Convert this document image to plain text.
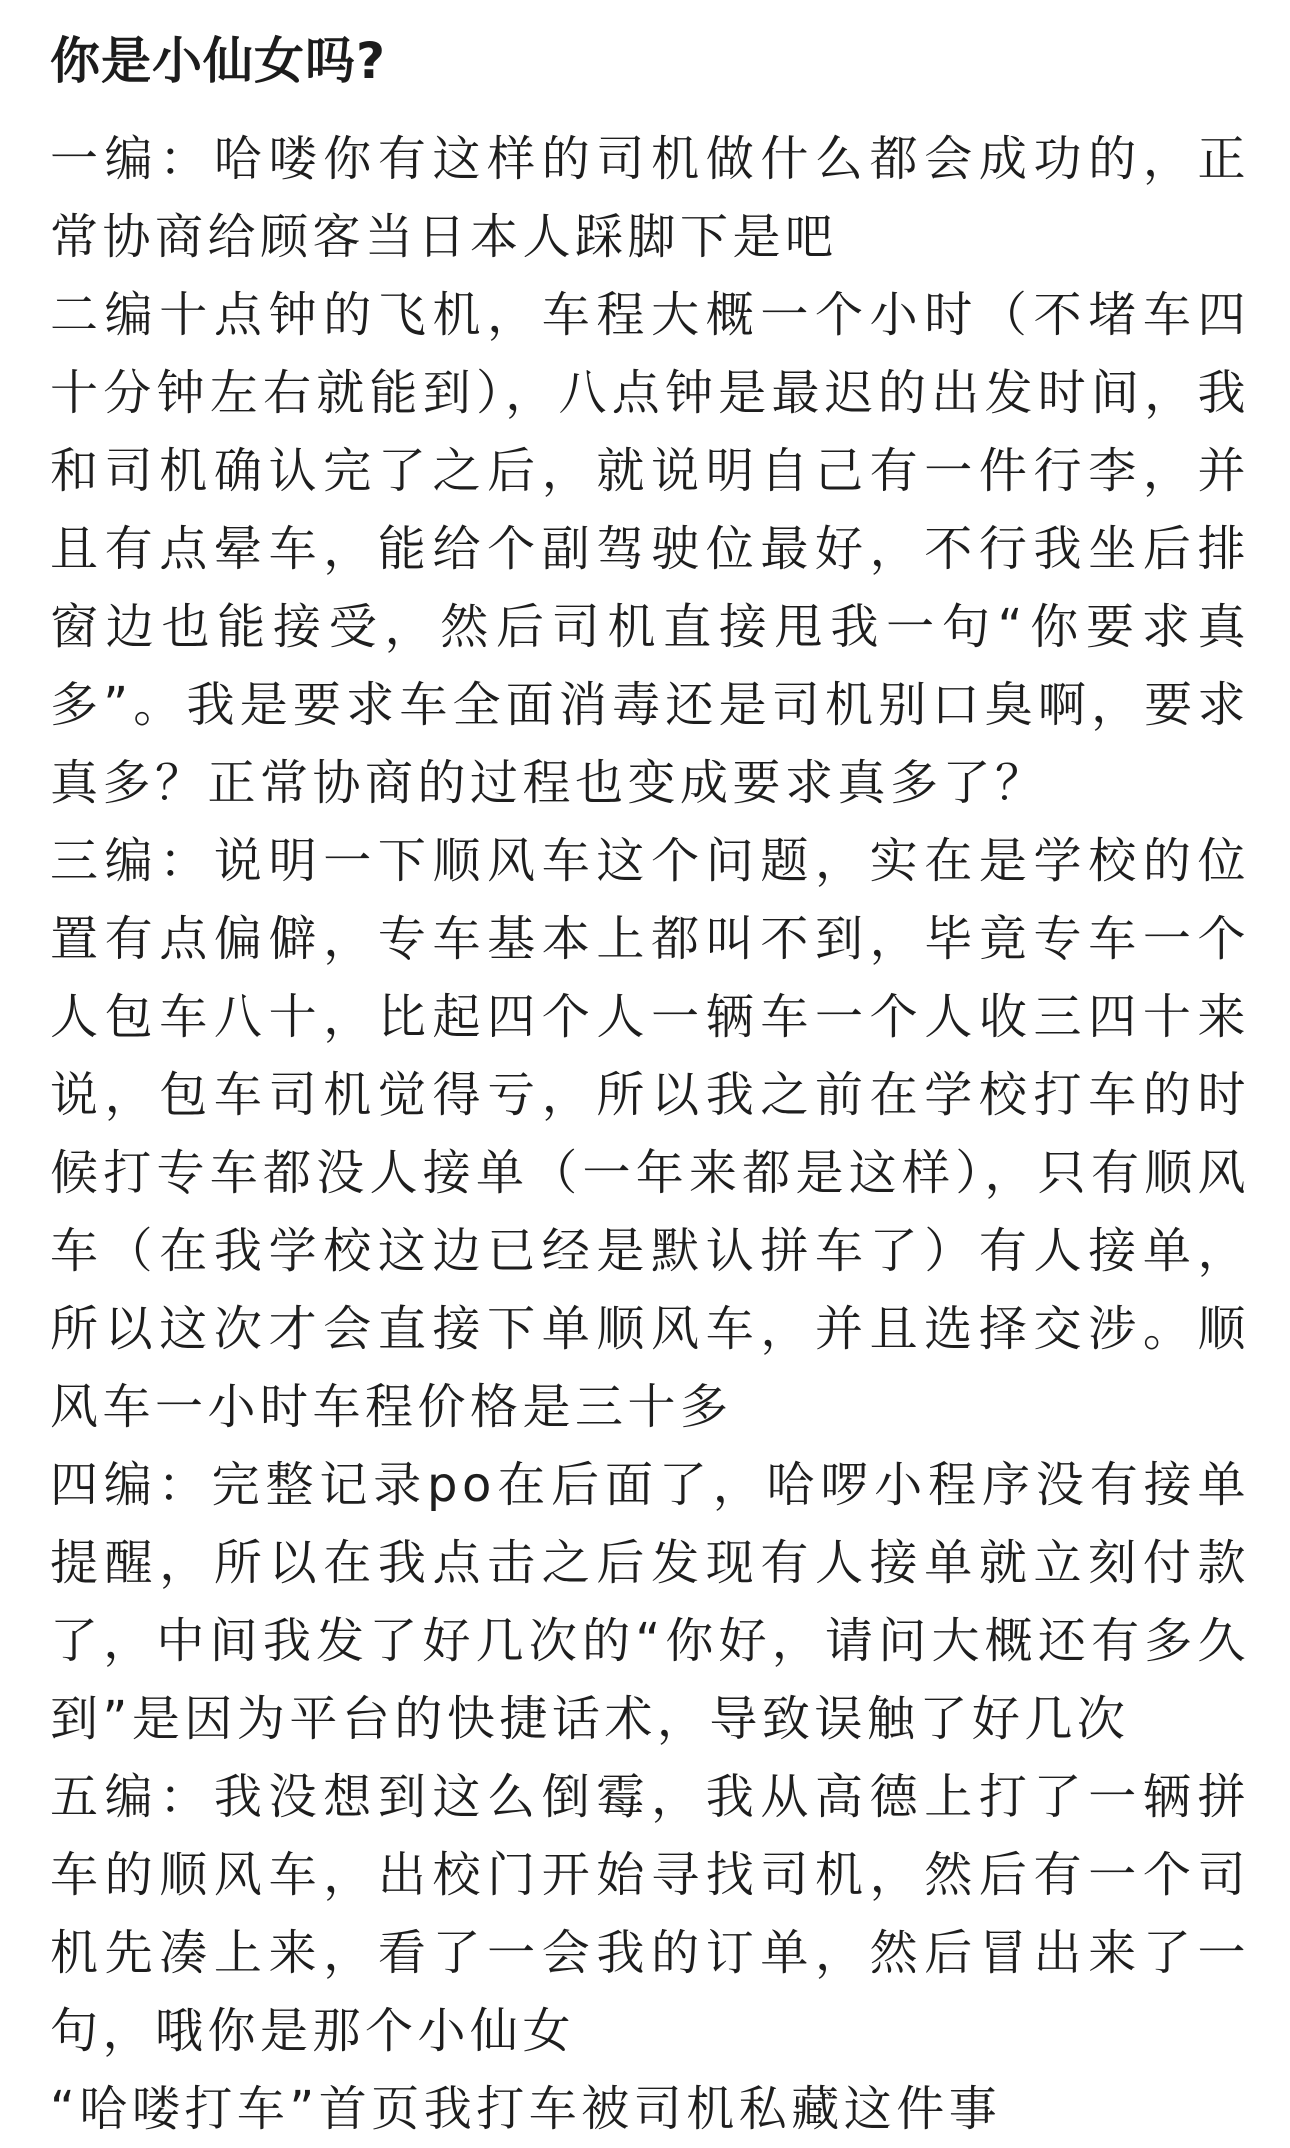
你是小仙女吗?

一编：哈喽你有这样的司机做什么都会成功的，正常协商给顾客当日本人踩脚下是吧

二编十点钟的飞机，车程大概一个小时（不堵车四十分钟左右就能到），八点钟是最迟的出发时间，我和司机确认完了之后，就说明自己有一件行李，并且有点晕车，能给个副驾驶位最好，不行我坐后排窗边也能接受，然后司机直接甩我一句“你要求真多”。我是要求车全面消毒还是司机别口臭啊，要求真多？正常协商的过程也变成要求真多了？

三编：说明一下顺风车这个问题，实在是学校的位置有点偏僻，专车基本上都叫不到，毕竟专车一个人包车八十，比起四个人一辆车一个人收三四十来说，包车司机觉得亏，所以我之前在学校打车的时候打专车都没人接单（一年来都是这样），只有顺风车（在我学校这边已经是默认拼车了）有人接单，所以这次才会直接下单顺风车，并且选择交涉。顺风车一小时车程价格是三十多

四编：完整记录po在后面了，哈啰小程序没有接单提醒，所以在我点击之后发现有人接单就立刻付款了，中间我发了好几次的“你好，请问大概还有多久到”是因为平台的快捷话术，导致误触了好几次

五编：我没想到这么倒霉，我从高德上打了一辆拼车的顺风车，出校门开始寻找司机，然后有一个司机先凑上来，看了一会我的订单，然后冒出来了一句，哦你是那个小仙女

“哈喽打车”首页我打车被司机私藏这件事
